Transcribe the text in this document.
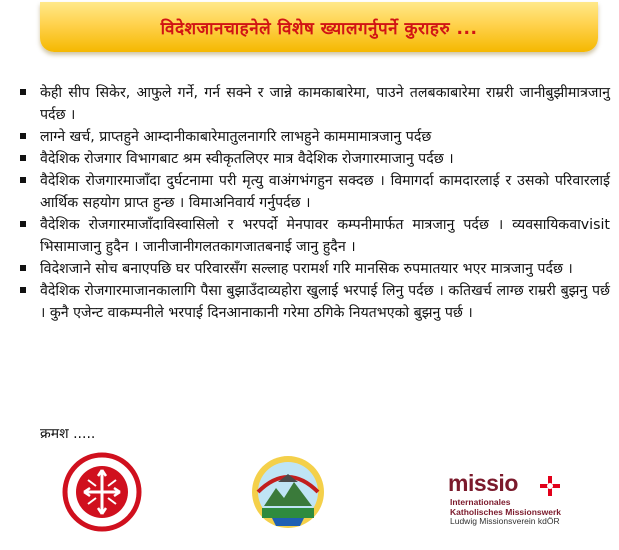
विदेशजानचाहनेले विशेष ख्यालगर्नुपर्ने कुराहरु ...
केही सीप सिकेर, आफुले गर्ने, गर्न सक्ने र जान्ने कामकाबारेमा, पाउने तलबकाबारेमा राम्ररी जानीबुझीमात्रजानु पर्दछ ।
लाग्ने खर्च, प्राप्तहुने आम्दानीकाबारेमातुलनागरि लाभहुने काममामात्रजानु पर्दछ
वैदेशिक रोजगार विभागबाट श्रम स्वीकृतलिएर मात्र वैदेशिक रोजगारमाजानु पर्दछ ।
वैदेशिक रोजगारमाजाँदा दुर्घटनामा परी मृत्यु वाअंगभंगहुन सक्दछ । विमागर्दा कामदारलाई र उसको परिवारलाई आर्थिक सहयोग प्राप्त हुन्छ । विमाअनिवार्य गर्नुपर्दछ ।
वैदेशिक रोजगारमाजाँदाविस्वासिलो र भरपर्दो मेनपावर कम्पनीमार्फत मात्रजानु पर्दछ । व्यवसायिकवाvisit भिसामाजानु हुदैन । जानीजानीगलतकागजातबनाई जानु हुदैन ।
विदेशजाने सोच बनाएपछि घर परिवारसँग सल्लाह परामर्श गरि मानसिक रुपमातयार भएर मात्रजानु पर्दछ ।
वैदेशिक रोजगारमाजानकालागि पैसा बुझाउँदाव्यहोरा खुलाई भरपाई लिनु पर्दछ । कतिखर्च लाग्छ राम्ररी बुझनु पर्छ । कुनै एजेन्ट वाकम्पनीले भरपाई दिनआनाकानी गरेमा ठगिके नियतभएको बुझनु पर्छ ।
क्रमश .....
missio
Internationales
Katholisches Missionswerk
Ludwig Missionsverein kdÖR
